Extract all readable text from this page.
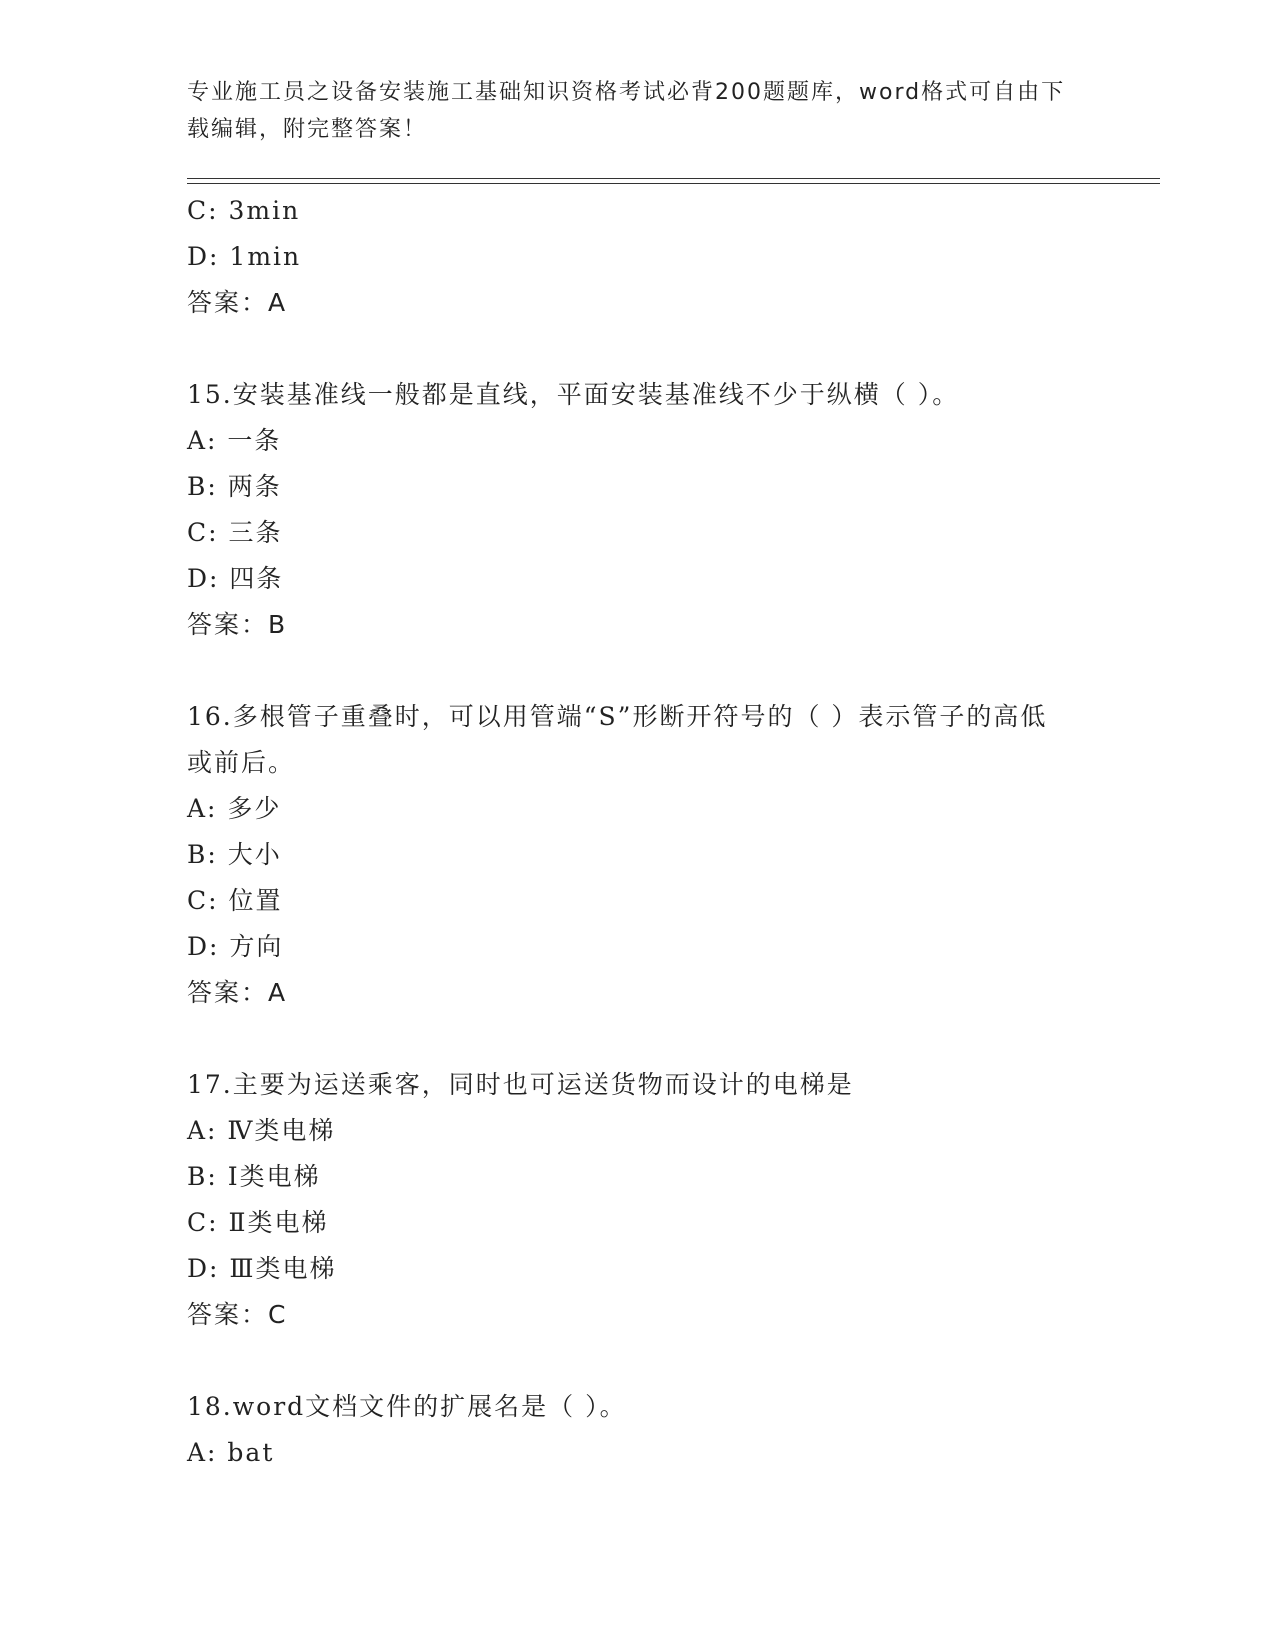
专业施工员之设备安装施工基础知识资格考试必背200题题库，word格式可自由下载编辑，附完整答案！
C: 3min
D: 1min
答案：A
15.安装基准线一般都是直线，平面安装基准线不少于纵横（ ）。
A: 一条
B: 两条
C: 三条
D: 四条
答案：B
16.多根管子重叠时，可以用管端“S”形断开符号的（ ）表示管子的高低或前后。
A: 多少
B: 大小
C: 位置
D: 方向
答案：A
17.主要为运送乘客，同时也可运送货物而设计的电梯是
A: Ⅳ类电梯
B: Ⅰ类电梯
C: Ⅱ类电梯
D: Ⅲ类电梯
答案：C
18.word文档文件的扩展名是（ ）。
A: bat
